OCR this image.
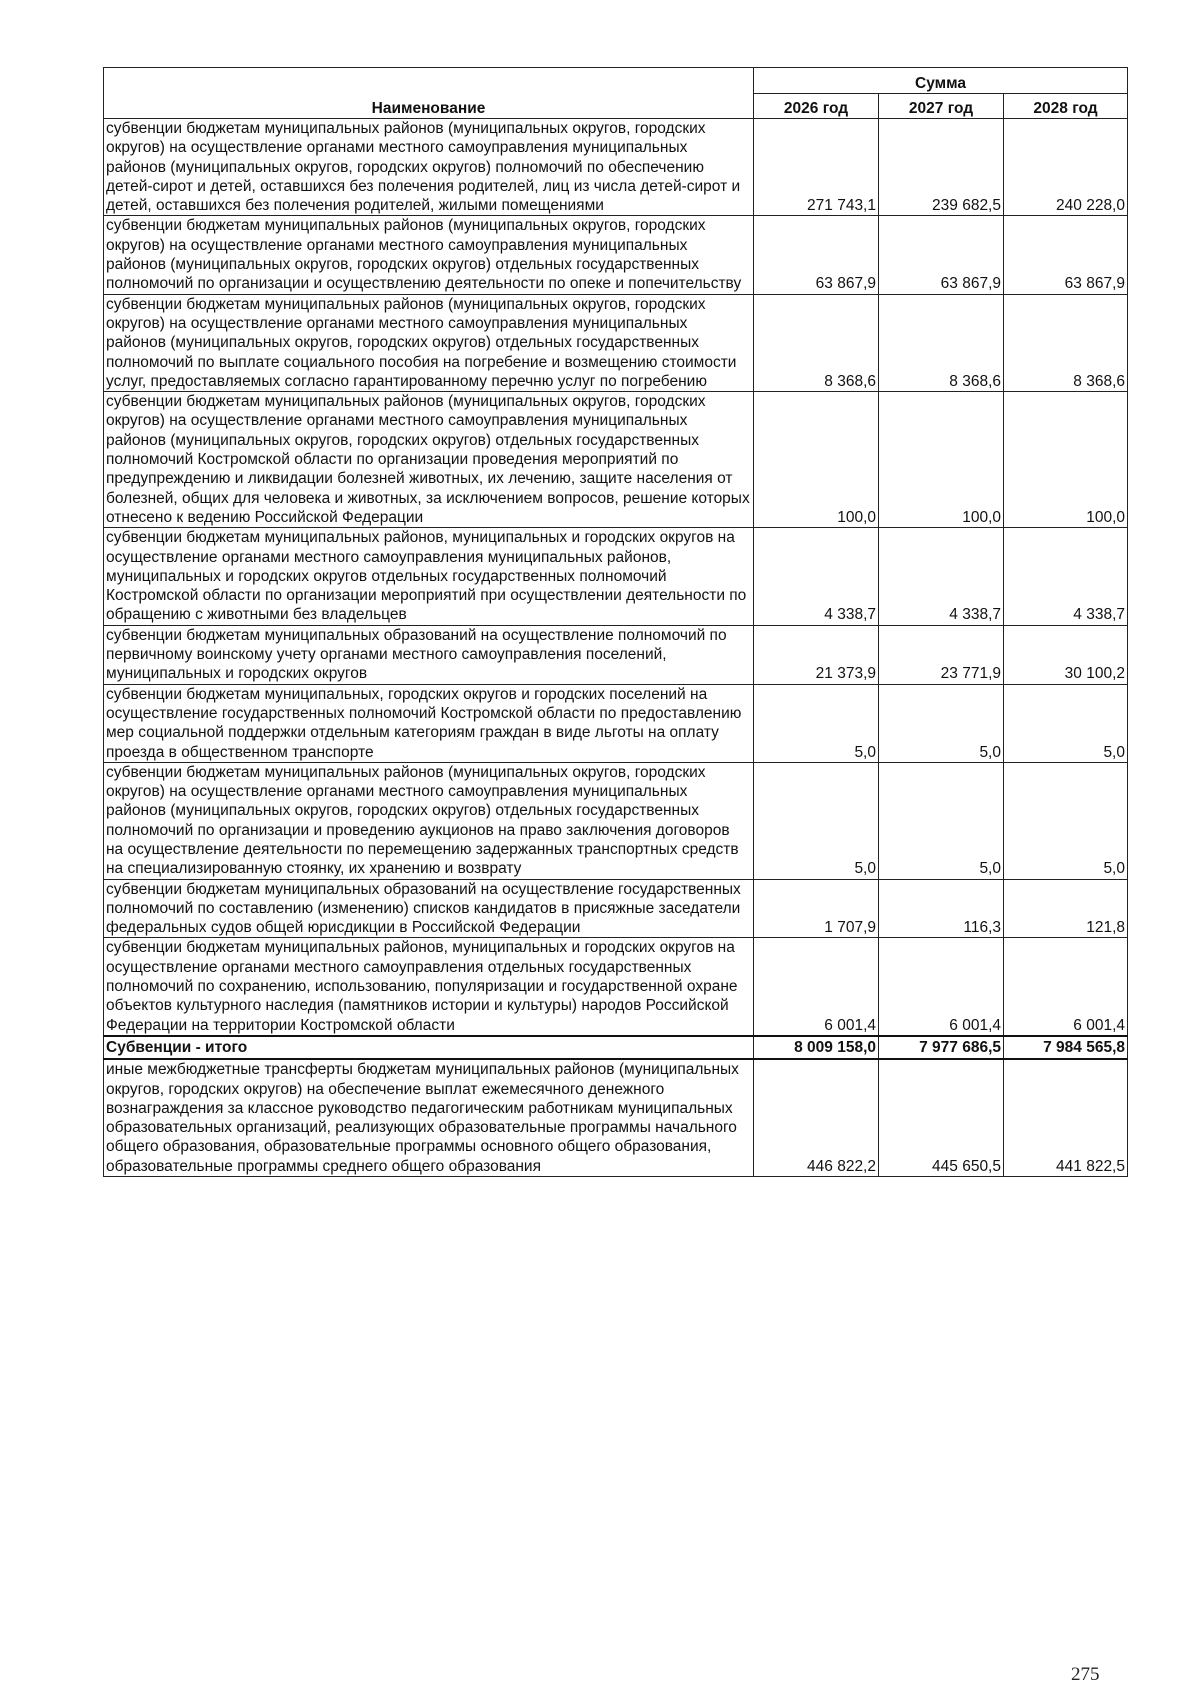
Наименование	Сумма		
	2026 год	2027 год	2028 год
субвенции бюджетам муниципальных районов (муниципальных округов, городских округов) на осуществление органами местного самоуправления муниципальных районов (муниципальных округов, городских округов) полномочий по обеспечению детей-сирот и детей, оставшихся без полечения родителей, лиц из числа детей-сирот и детей, оставшихся без полечения родителей, жилыми помещениями	271 743,1	239 682,5	240 228,0
субвенции бюджетам муниципальных районов (муниципальных округов, городских округов) на осуществление органами местного самоуправления муниципальных районов (муниципальных округов, городских округов) отдельных государственных полномочий по организации и осуществлению деятельности по опеке и попечительству	63 867,9	63 867,9	63 867,9
субвенции бюджетам муниципальных районов (муниципальных округов, городских округов) на осуществление органами местного самоуправления муниципальных районов (муниципальных округов, городских округов) отдельных государственных полномочий по выплате социального пособия на погребение и возмещению стоимости услуг, предоставляемых согласно гарантированному перечню услуг по погребению	8 368,6	8 368,6	8 368,6
субвенции бюджетам муниципальных районов (муниципальных округов, городских округов) на осуществление органами местного самоуправления муниципальных районов (муниципальных округов, городских округов) отдельных государственных полномочий Костромской области по организации проведения мероприятий по предупреждению и ликвидации болезней животных, их лечению, защите населения от болезней, общих для человека и животных, за исключением вопросов, решение которых отнесено к ведению Российской Федерации	100,0	100,0	100,0
субвенции бюджетам муниципальных районов, муниципальных и городских округов на осуществление органами местного самоуправления муниципальных районов, муниципальных и городских округов отдельных государственных полномочий Костромской области по организации мероприятий при осуществлении деятельности по обращению с животными без владельцев	4 338,7	4 338,7	4 338,7
субвенции бюджетам муниципальных образований на осуществление полномочий по первичному воинскому учету органами местного самоуправления поселений, муниципальных и городских округов	21 373,9	23 771,9	30 100,2
субвенции бюджетам муниципальных, городских округов и городских поселений на осуществление государственных полномочий Костромской области по предоставлению мер социальной поддержки отдельным категориям граждан в виде льготы на оплату проезда в общественном транспорте	5,0	5,0	5,0
субвенции бюджетам муниципальных районов (муниципальных округов, городских округов) на осуществление органами местного самоуправления муниципальных районов (муниципальных округов, городских округов) отдельных государственных полномочий по организации и проведению аукционов на право заключения договоров на осуществление деятельности по перемещению задержанных транспортных средств на специализированную стоянку, их хранению и возврату	5,0	5,0	5,0
субвенции бюджетам муниципальных образований на осуществление государственных полномочий по составлению (изменению) списков кандидатов в присяжные заседатели федеральных судов общей юрисдикции в Российской Федерации	1 707,9	116,3	121,8
субвенции бюджетам муниципальных районов, муниципальных и городских округов на осуществление органами местного самоуправления отдельных государственных полномочий по сохранению, использованию, популяризации и государственной охране объектов культурного наследия (памятников истории и культуры) народов Российской Федерации на территории Костромской области	6 001,4	6 001,4	6 001,4
Субвенции - итого	8 009 158,0	7 977 686,5	7 984 565,8
иные межбюджетные трансферты бюджетам муниципальных районов (муниципальных округов, городских округов) на обеспечение выплат ежемесячного денежного вознаграждения за классное руководство педагогическим работникам муниципальных образовательных организаций, реализующих образовательные программы начального общего образования, образовательные программы основного общего образования, образовательные программы среднего общего образования	446 822,2	445 650,5	441 822,5
275
